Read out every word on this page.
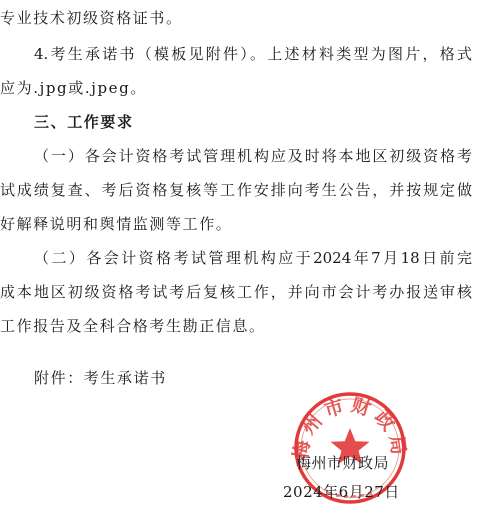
专业技术初级资格证书。
4.考生承诺书（模板见附件）。上述材料类型为图片，格式
应为.jpg或.jpeg。
三、工作要求
（一）各会计资格考试管理机构应及时将本地区初级资格考
试成绩复查、考后资格复核等工作安排向考生公告，并按规定做
好解释说明和舆情监测等工作。
（二）各会计资格考试管理机构应于2024年7月18日前完
成本地区初级资格考试考后复核工作，并向市会计考办报送审核
工作报告及全科合格考生勘正信息。
附件：考生承诺书
梅州市财政局
梅州市财政局
2024年6月27日
